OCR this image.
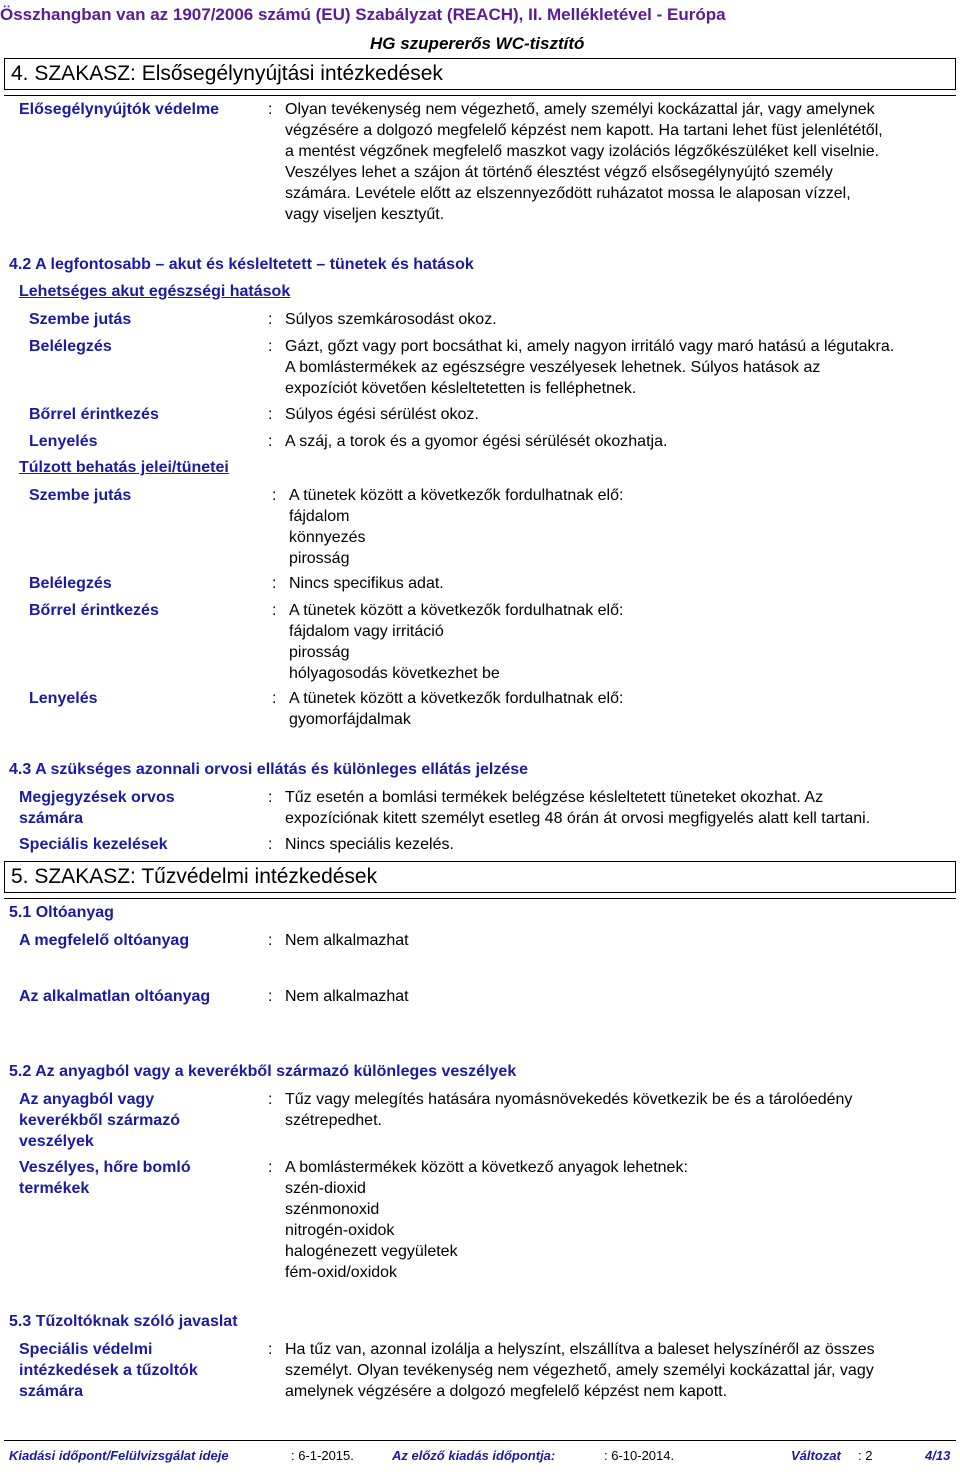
Összhangban van az 1907/2006 számú (EU) Szabályzat (REACH), II. Mellékletével - Európa
HG szupererős WC-tisztító
4. SZAKASZ: Elsősegélynyújtási intézkedések
Elősegélynyújtók védelme	: Olyan tevékenység nem végezhető, amely személyi kockázattal jár, vagy amelynek
végzésére a dolgozó megfelelő képzést nem kapott. Ha tartani lehet füst jelenlététől,
a mentést végzőnek megfelelő maszkot vagy izolációs légzőkészüléket kell viselnie.
Veszélyes lehet a szájon át történő élesztést végző elsősegélynyújtó személy
számára. Levétele előtt az elszennyeződött ruházatot mossa le alaposan vízzel,
vagy viseljen kesztyűt.
4.2 A legfontosabb – akut és késleltetett – tünetek és hatások
Lehetséges akut egészségi hatások
Szembe jutás	: Súlyos szemkárosodást okoz.
Belélegzés	: Gázt, gőzt vagy port bocsáthat ki, amely nagyon irritáló vagy maró hatású a légutakra.
A bomlástermékek az egészségre veszélyesek lehetnek. Súlyos hatások az
expozíciót követően késleltetetten is felléphetnek.
Bőrrel érintkezés	: Súlyos égési sérülést okoz.
Lenyelés	: A száj, a torok és a gyomor égési sérülését okozhatja.
Túlzott behatás jelei/tünetei
Szembe jutás	: A tünetek között a következők fordulhatnak elő:
fájdalom
könnyezés
pirosság
Belélegzés	: Nincs specifikus adat.
Bőrrel érintkezés	: A tünetek között a következők fordulhatnak elő:
fájdalom vagy irritáció
pirosság
hólyagosodás következhet be
Lenyelés	: A tünetek között a következők fordulhatnak elő:
gyomorfájdalmak
4.3 A szükséges azonnali orvosi ellátás és különleges ellátás jelzése
Megjegyzések orvos
számára
: Tűz esetén a bomlási termékek belégzése késleltetett tüneteket okozhat. Az
expozíciónak kitett személyt esetleg 48 órán át orvosi megfigyelés alatt kell tartani.
Speciális kezelések	: Nincs speciális kezelés.
5. SZAKASZ: Tűzvédelmi intézkedések
5.1 Oltóanyag
A megfelelő oltóanyag	: Nem alkalmazhat
Az alkalmatlan oltóanyag	: Nem alkalmazhat
5.2 Az anyagból vagy a keverékből származó különleges veszélyek
Az anyagból vagy
keverékből származó
veszélyek
: Tűz vagy melegítés hatására nyomásnövekedés következik be és a tárolóedény
szétrepedhet.
Veszélyes, hőre bomló
termékek
: A bomlástermékek között a következő anyagok lehetnek:
szén-dioxid
szénmonoxid
nitrogén-oxidok
halogénezett vegyületek
fém-oxid/oxidok
5.3 Tűzoltóknak szóló javaslat
Speciális védelmi
intézkedések a tűzoltók
számára
: Ha tűz van, azonnal izolálja a helyszínt, elszállítva a baleset helyszínéről az összes
személyt. Olyan tevékenység nem végezhető, amely személyi kockázattal jár, vagy
amelynek végzésére a dolgozó megfelelő képzést nem kapott.
Kiadási időpont/Felülvizsgálat ideje	: 6-1-2015.	Az előző kiadás időpontja:	: 6-10-2014.	Változat : 2	4/13
